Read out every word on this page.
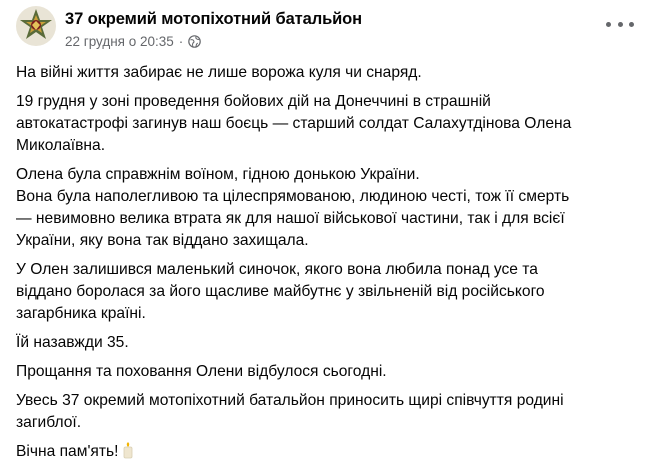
37 окремий мотопіхотний батальйон
22 грудня о 20:35 ·
На війні життя забирає не лише ворожа куля чи снаряд.
19 грудня у зоні проведення бойових дій на Донеччині в страшній
автокатастрофі загинув наш боєць — старший солдат Салахутдінова Олена
Миколаївна.
Олена була справжнім воїном, гідною донькою України.
Вона була наполегливою та цілеспрямованою, людиною честі, тож її смерть
— невимовно велика втрата як для нашої військової частини, так і для всієї
України, яку вона так віддано захищала.
У Олен залишився маленький синочок, якого вона любила понад усе та
віддано боролася за його щасливе майбутнє у звільненій від російського
загарбника країні.
Їй назавжди 35.
Прощання та поховання Олени відбулося сьогодні.
Увесь 37 окремий мотопіхотний батальйон приносить щирі співчуття родині
загиблої.
Вічна пам'ять!
